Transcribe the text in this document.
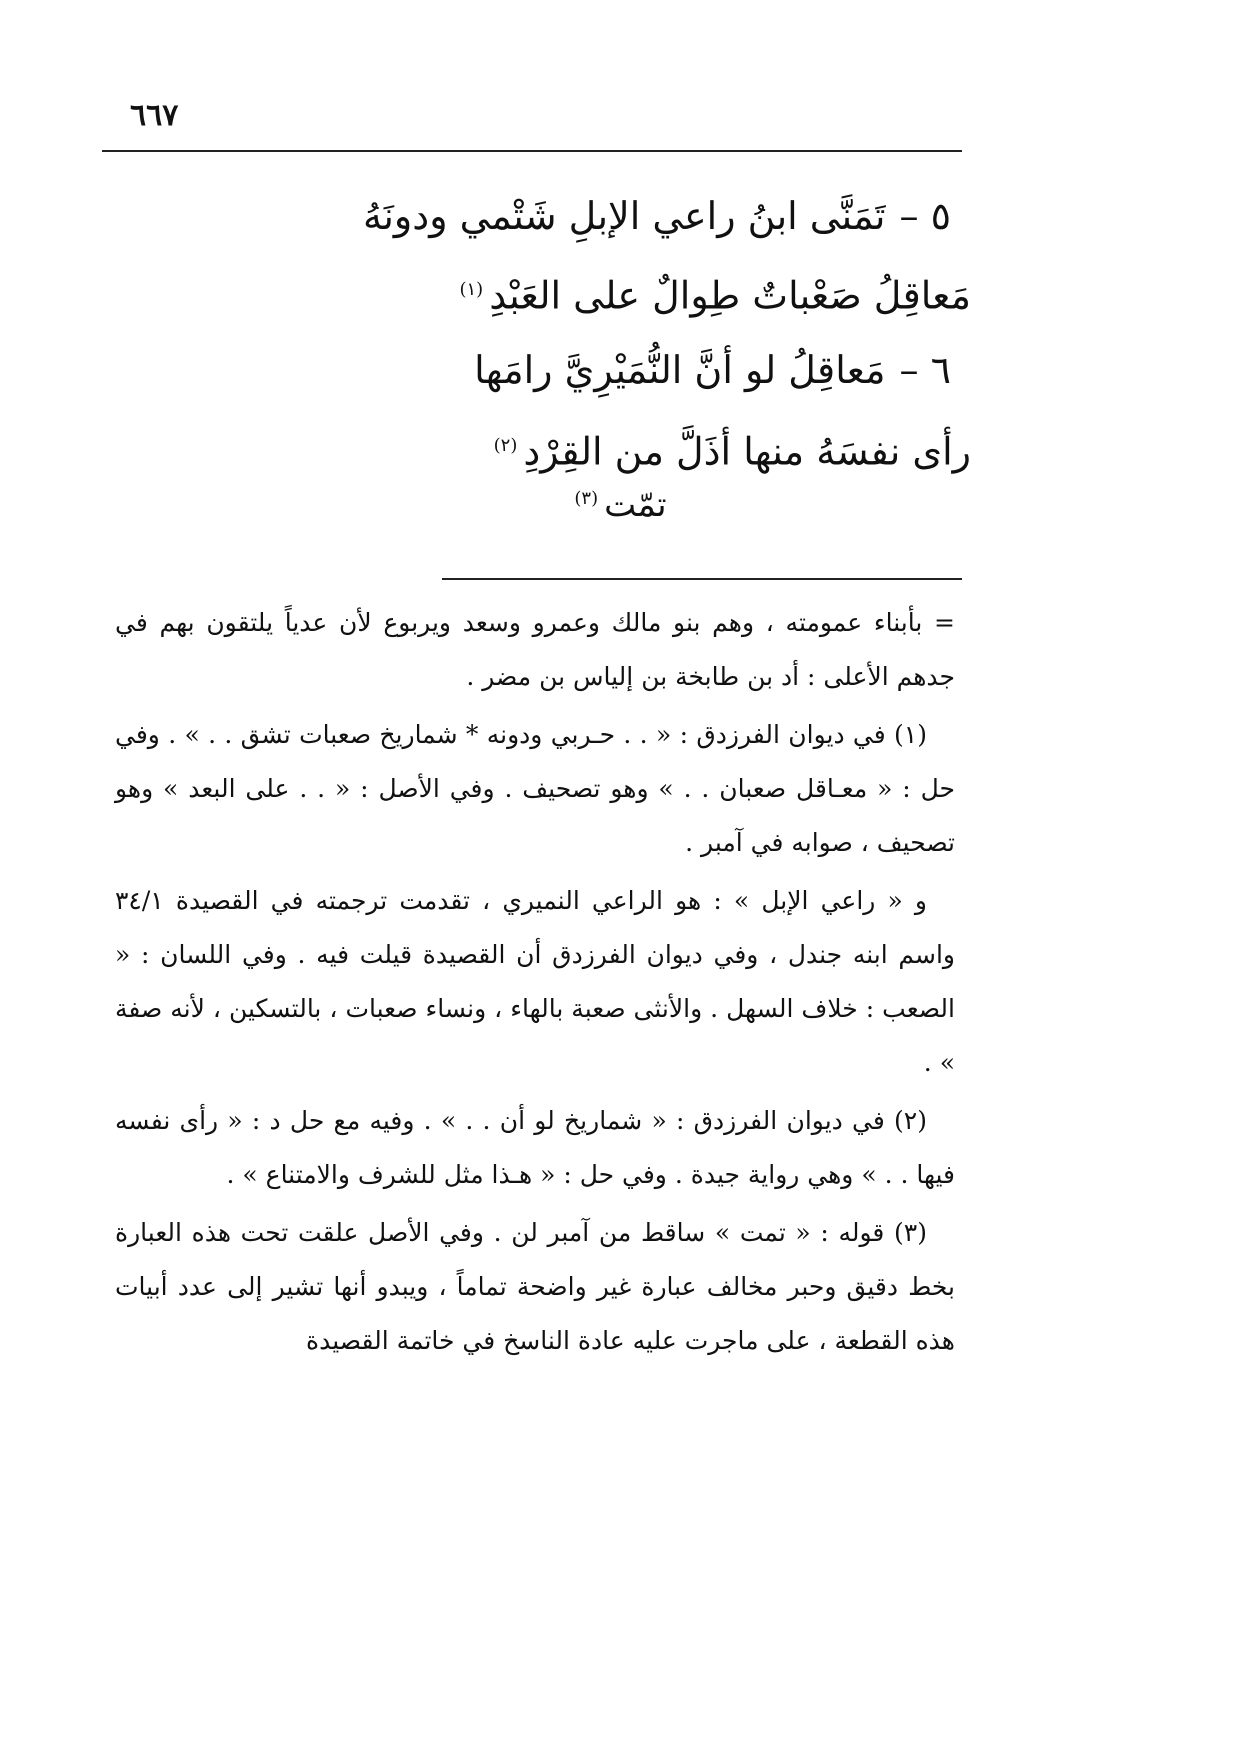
٦٦٧
٥ –تَمَنَّى ابنُ راعي الإبلِ شَتْمي ودونَهُ
مَعاقِلُ صَعْباتٌ طِوالٌ على العَبْدِ$^{(١)}$
٦ –مَعاقِلُ لو أنَّ النُّمَيْرِيَّ رامَها
رأى نفسَهُ منها أذَلَّ من القِرْدِ$^{(٢)}$
تمّت$^{(٣)}$

= بأبناء عمومته ، وهم بنو مالك وعمرو وسعد ويربوع لأن عدياً يلتقون بهم في جدهم الأعلى : أد بن طابخة بن إلياس بن مضر .

(١) في ديوان الفرزدق : « . . حـربي ودونه * شماريخ صعبات تشق . . » . وفي حل : « معـاقل صعبان . . » وهو تصحيف . وفي الأصل : « . . على البعد » وهو تصحيف ، صوابه في آمبر .

و « راعي الإبل » : هو الراعي النميري ، تقدمت ترجمته في القصيدة ٣٤/١ واسم ابنه جندل ، وفي ديوان الفرزدق أن القصيدة قيلت فيه . وفي اللسان : « الصعب : خلاف السهل . والأنثى صعبة بالهاء ، ونساء صعبات ، بالتسكين ، لأنه صفة » .

(٢) في ديوان الفرزدق : « شماريخ لو أن . . » . وفيه مع حل د : « رأى نفسه فيها . . » وهي رواية جيدة . وفي حل : « هـذا مثل للشرف والامتناع » .

(٣) قوله : « تمت » ساقط من آمبر لن . وفي الأصل علقت تحت هذه العبارة بخط دقيق وحبر مخالف عبارة غير واضحة تماماً ، ويبدو أنها تشير إلى عدد أبيات هذه القطعة ، على ماجرت عليه عادة الناسخ في خاتمة القصيدة
